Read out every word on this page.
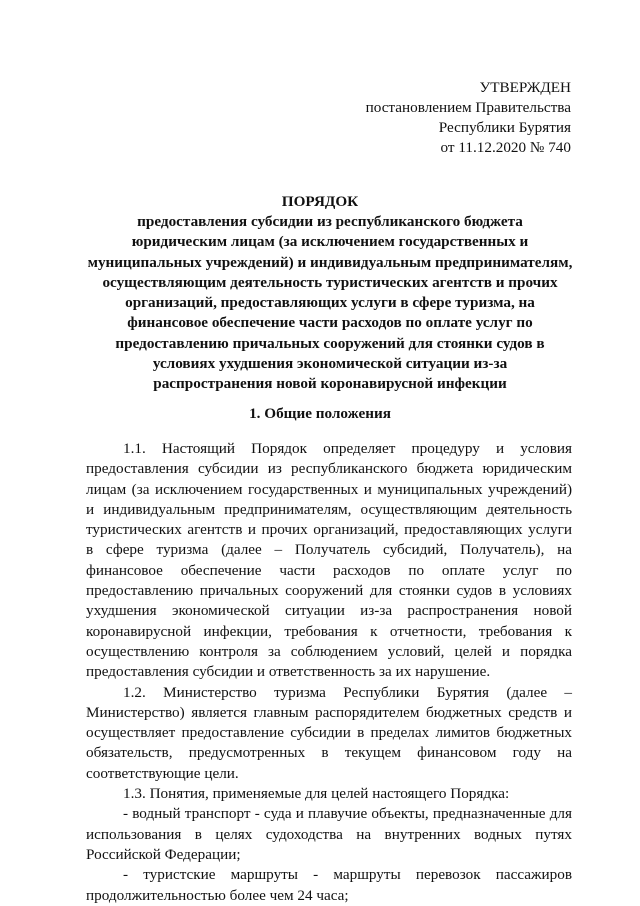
УТВЕРЖДЕН
постановлением Правительства
Республики Бурятия
от 11.12.2020 № 740
ПОРЯДОК
предоставления субсидии из республиканского бюджета
юридическим лицам (за исключением государственных и
муниципальных учреждений) и индивидуальным предпринимателям,
осуществляющим деятельность туристических агентств и прочих
организаций, предоставляющих услуги в сфере туризма, на
финансовое обеспечение части расходов по оплате услуг по
предоставлению причальных сооружений для стоянки судов в
условиях ухудшения экономической ситуации из-за
распространения новой коронавирусной инфекции
1. Общие положения

1.1. Настоящий Порядок определяет процедуру и условия предоставления субсидии из республиканского бюджета юридическим лицам (за исключением государственных и муниципальных учреждений) и индивидуальным предпринимателям, осуществляющим деятельность туристических агентств и прочих организаций, предоставляющих услуги в сфере туризма (далее – Получатель субсидий, Получатель), на финансовое обеспечение части расходов по оплате услуг по предоставлению причальных сооружений для стоянки судов в условиях ухудшения экономической ситуации из-за распространения новой коронавирусной инфекции, требования к отчетности, требования к осуществлению контроля за соблюдением условий, целей и порядка предоставления субсидии и ответственность за их нарушение.

1.2. Министерство туризма Республики Бурятия (далее – Министерство) является главным распорядителем бюджетных средств и осуществляет предоставление субсидии в пределах лимитов бюджетных обязательств, предусмотренных в текущем финансовом году на соответствующие цели.

1.3. Понятия, применяемые для целей настоящего Порядка:

- водный транспорт - суда и плавучие объекты, предназначенные для использования в целях судоходства на внутренних водных путях Российской Федерации;

- туристские маршруты - маршруты перевозок пассажиров продолжительностью более чем 24 часа;
